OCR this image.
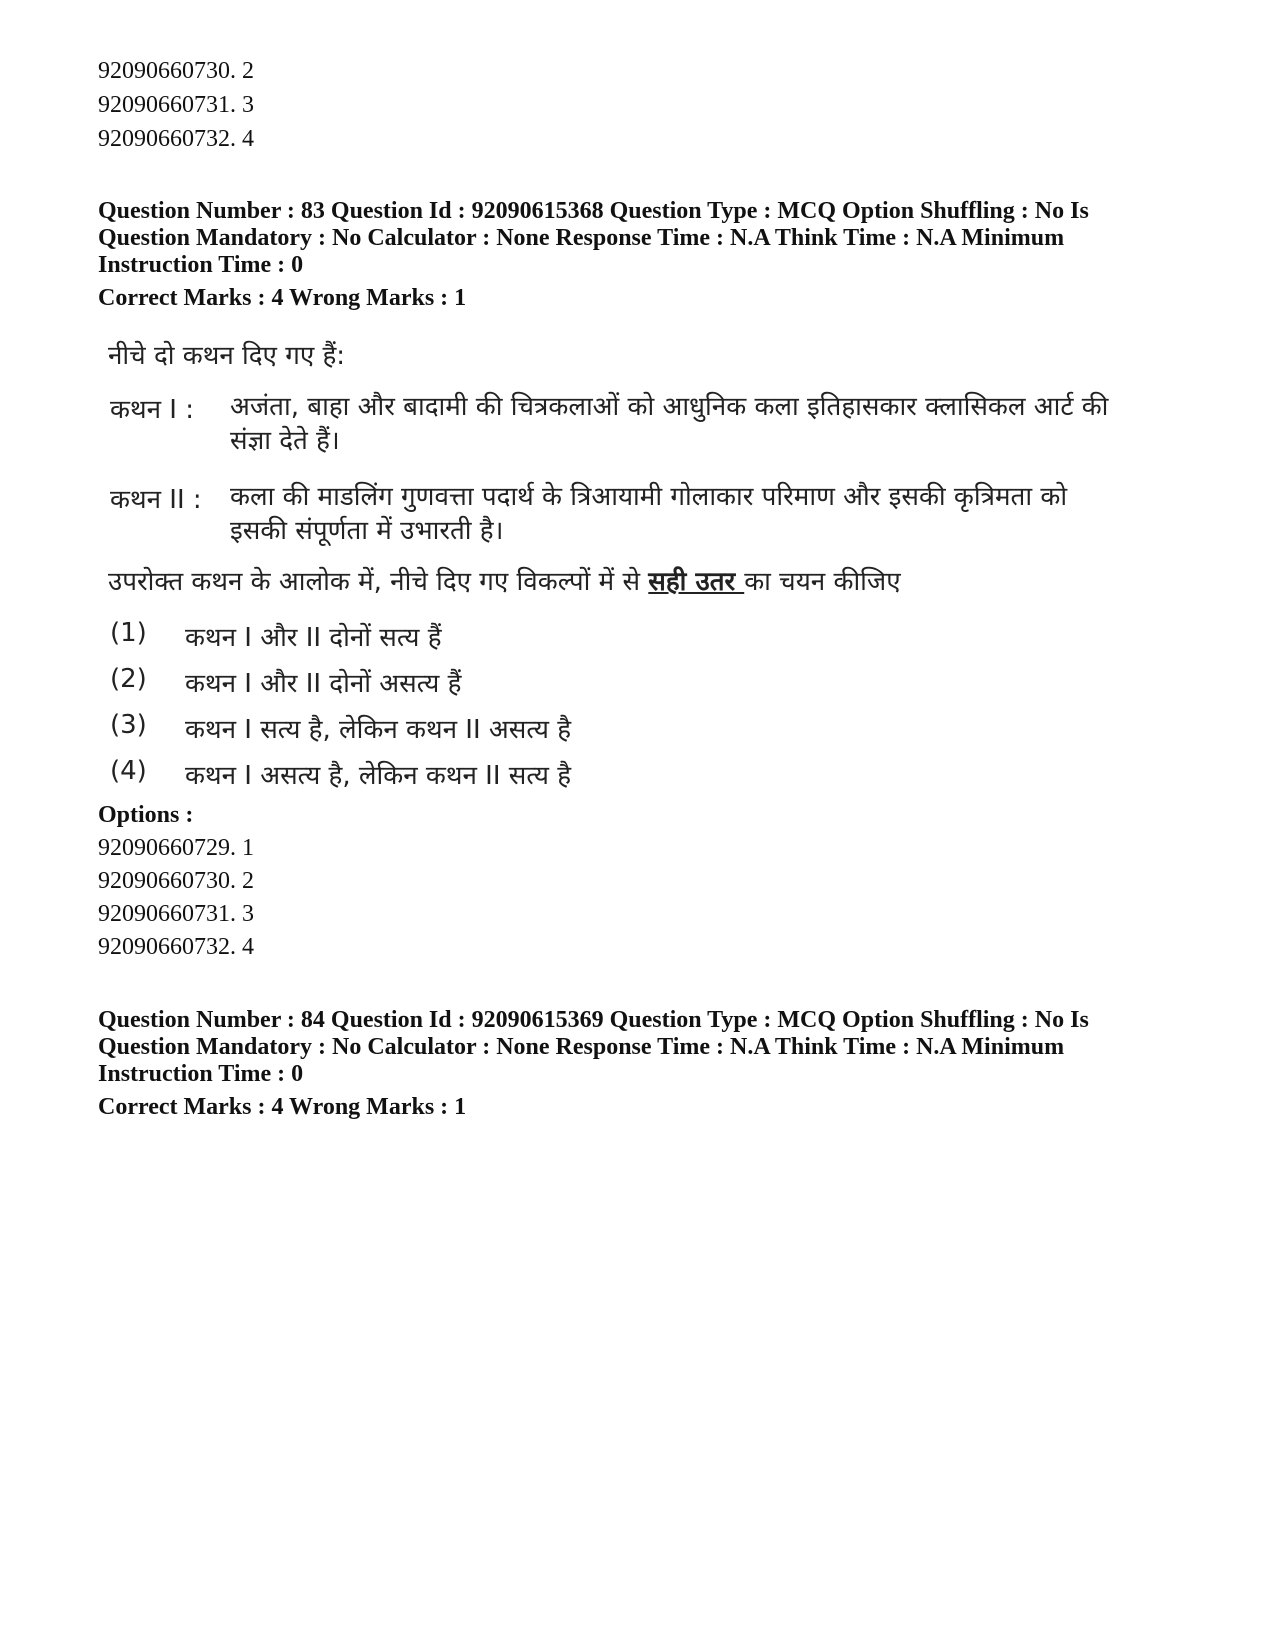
92090660730. 2
92090660731. 3
92090660732. 4
Question Number : 83 Question Id : 92090615368 Question Type : MCQ Option Shuffling : No Is
Question Mandatory : No Calculator : None Response Time : N.A Think Time : N.A Minimum
Instruction Time : 0
Correct Marks : 4 Wrong Marks : 1
नीचे दो कथन दिए गए हैं:
कथन I : अजंता, बाहा और बादामी की चित्रकलाओं को आधुनिक कला इतिहासकार क्लासिकल आर्ट की संज्ञा देते हैं।
कथन II : कला की माडलिंग गुणवत्ता पदार्थ के त्रिआयामी गोलाकार परिमाण और इसकी कृत्रिमता को इसकी संपूर्णता में उभारती है।
उपरोक्त कथन के आलोक में, नीचे दिए गए विकल्पों में से सही उतर का चयन कीजिए
(1) कथन I और II दोनों सत्य हैं
(2) कथन I और II दोनों असत्य हैं
(3) कथन I सत्य है, लेकिन कथन II असत्य है
(4) कथन I असत्य है, लेकिन कथन II सत्य है
Options :
92090660729. 1
92090660730. 2
92090660731. 3
92090660732. 4
Question Number : 84 Question Id : 92090615369 Question Type : MCQ Option Shuffling : No Is
Question Mandatory : No Calculator : None Response Time : N.A Think Time : N.A Minimum
Instruction Time : 0
Correct Marks : 4 Wrong Marks : 1
